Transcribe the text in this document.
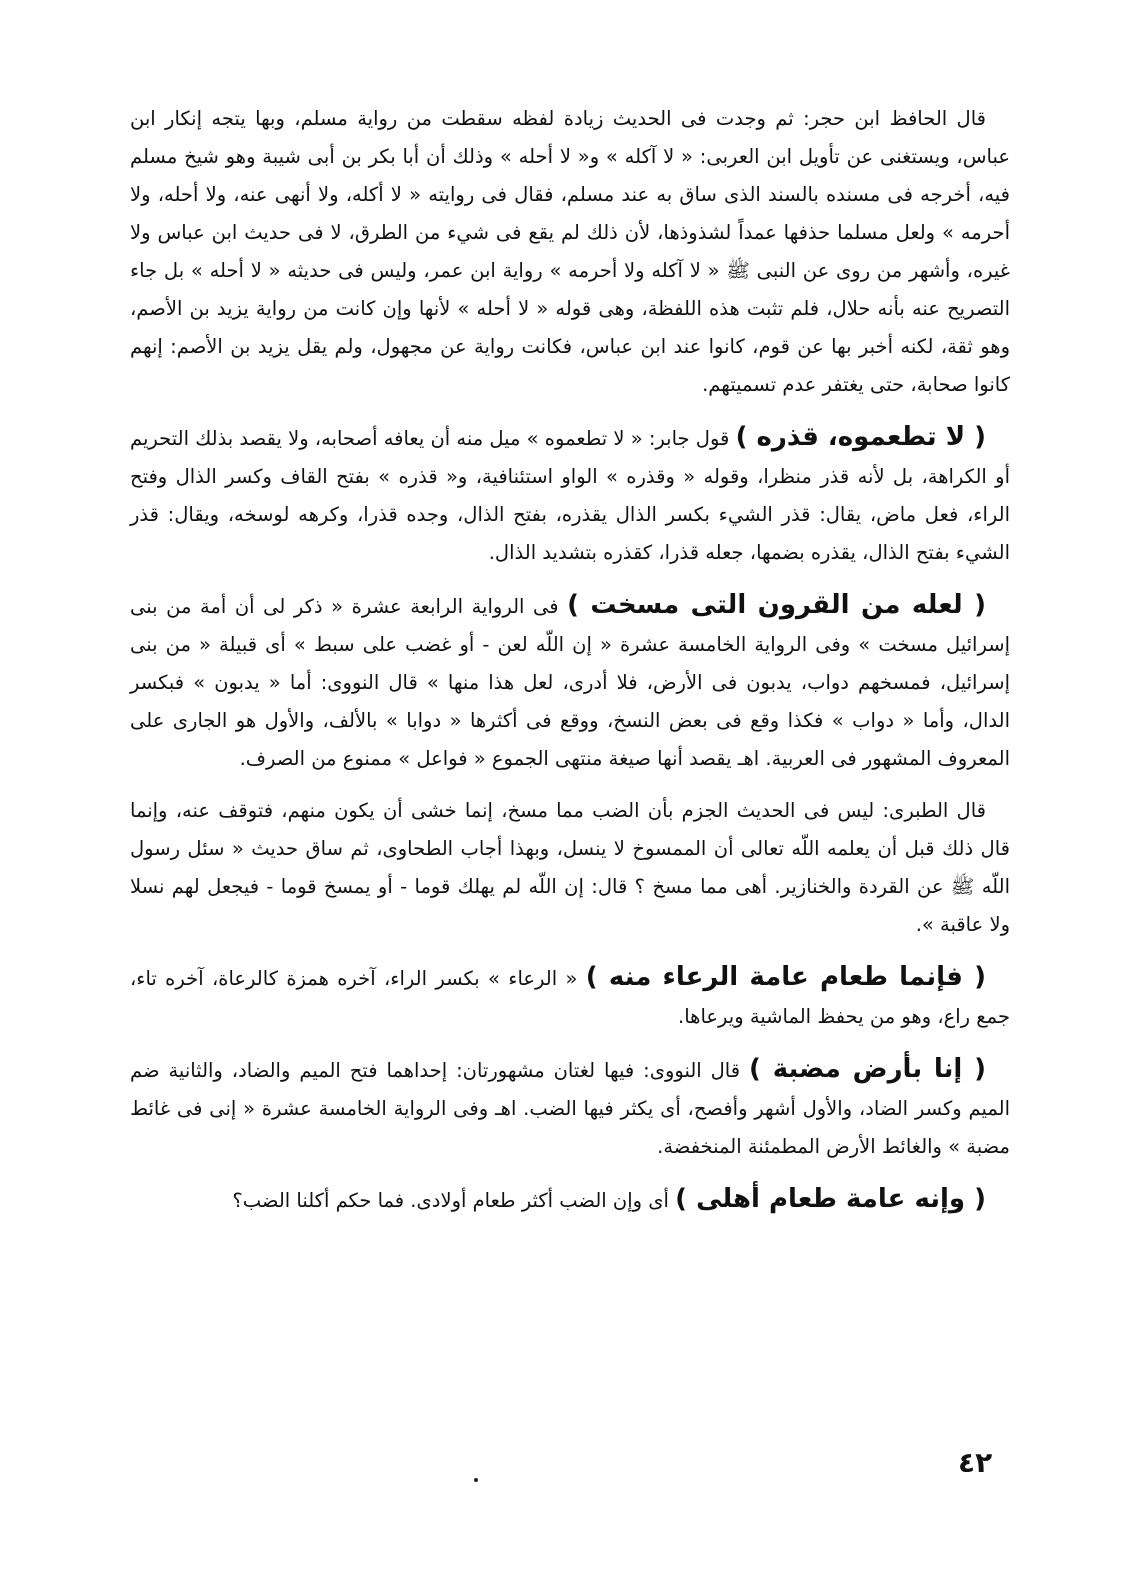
قال الحافظ ابن حجر: ثم وجدت فى الحديث زيادة لفظه سقطت من رواية مسلم، وبها يتجه إنكار ابن عباس، ويستغنى عن تأويل ابن العربى: « لا آكله » و« لا أحله » وذلك أن أبا بكر بن أبى شيبة وهو شيخ مسلم فيه، أخرجه فى مسنده بالسند الذى ساق به عند مسلم، فقال فى روايته « لا أكله، ولا أنهى عنه، ولا أحله، ولا أحرمه » ولعل مسلما حذفها عمداً لشذوذها، لأن ذلك لم يقع فى شيء من الطرق، لا فى حديث ابن عباس ولا غيره، وأشهر من روى عن النبى ﷺ « لا آكله ولا أحرمه » رواية ابن عمر، وليس فى حديثه « لا أحله » بل جاء التصريح عنه بأنه حلال، فلم تثبت هذه اللفظة، وهى قوله « لا أحله » لأنها وإن كانت من رواية يزيد بن الأصم، وهو ثقة، لكنه أخبر بها عن قوم، كانوا عند ابن عباس، فكانت رواية عن مجهول، ولم يقل يزيد بن الأصم: إنهم كانوا صحابة، حتى يغتفر عدم تسميتهم.

( لا تطعموه، قذره ) قول جابر: « لا تطعموه » ميل منه أن يعافه أصحابه، ولا يقصد بذلك التحريم أو الكراهة، بل لأنه قذر منظرا، وقوله « وقذره » الواو استئنافية، و« قذره » بفتح القاف وكسر الذال وفتح الراء، فعل ماض، يقال: قذر الشيء بكسر الذال يقذره، بفتح الذال، وجده قذرا، وكرهه لوسخه، ويقال: قذر الشيء بفتح الذال، يقذره بضمها، جعله قذرا، كقذره بتشديد الذال.

( لعله من القرون التى مسخت ) فى الرواية الرابعة عشرة « ذكر لى أن أمة من بنى إسرائيل مسخت » وفى الرواية الخامسة عشرة « إن اللّه لعن - أو غضب على سبط » أى قبيلة « من بنى إسرائيل، فمسخهم دواب، يدبون فى الأرض، فلا أدرى، لعل هذا منها » قال النووى: أما « يدبون » فبكسر الدال، وأما « دواب » فكذا وقع فى بعض النسخ، ووقع فى أكثرها « دوابا » بالألف، والأول هو الجارى على المعروف المشهور فى العربية. اهـ يقصد أنها صيغة منتهى الجموع « فواعل » ممنوع من الصرف.

قال الطبرى: ليس فى الحديث الجزم بأن الضب مما مسخ، إنما خشى أن يكون منهم، فتوقف عنه، وإنما قال ذلك قبل أن يعلمه اللّه تعالى أن الممسوخ لا ينسل، وبهذا أجاب الطحاوى، ثم ساق حديث « سئل رسول اللّه ﷺ عن القردة والخنازير. أهى مما مسخ ؟ قال: إن اللّه لم يهلك قوما - أو يمسخ قوما - فيجعل لهم نسلا ولا عاقبة ».

( فإنما طعام عامة الرعاء منه ) « الرعاء » بكسر الراء، آخره همزة كالرعاة، آخره تاء، جمع راع، وهو من يحفظ الماشية ويرعاها.

( إنا بأرض مضبة ) قال النووى: فيها لغتان مشهورتان: إحداهما فتح الميم والضاد، والثانية ضم الميم وكسر الضاد، والأول أشهر وأفصح، أى يكثر فيها الضب. اهـ وفى الرواية الخامسة عشرة « إنى فى غائط مضبة » والغائط الأرض المطمئنة المنخفضة.

( وإنه عامة طعام أهلى ) أى وإن الضب أكثر طعام أولادى. فما حكم أكلنا الضب؟

٤٢
